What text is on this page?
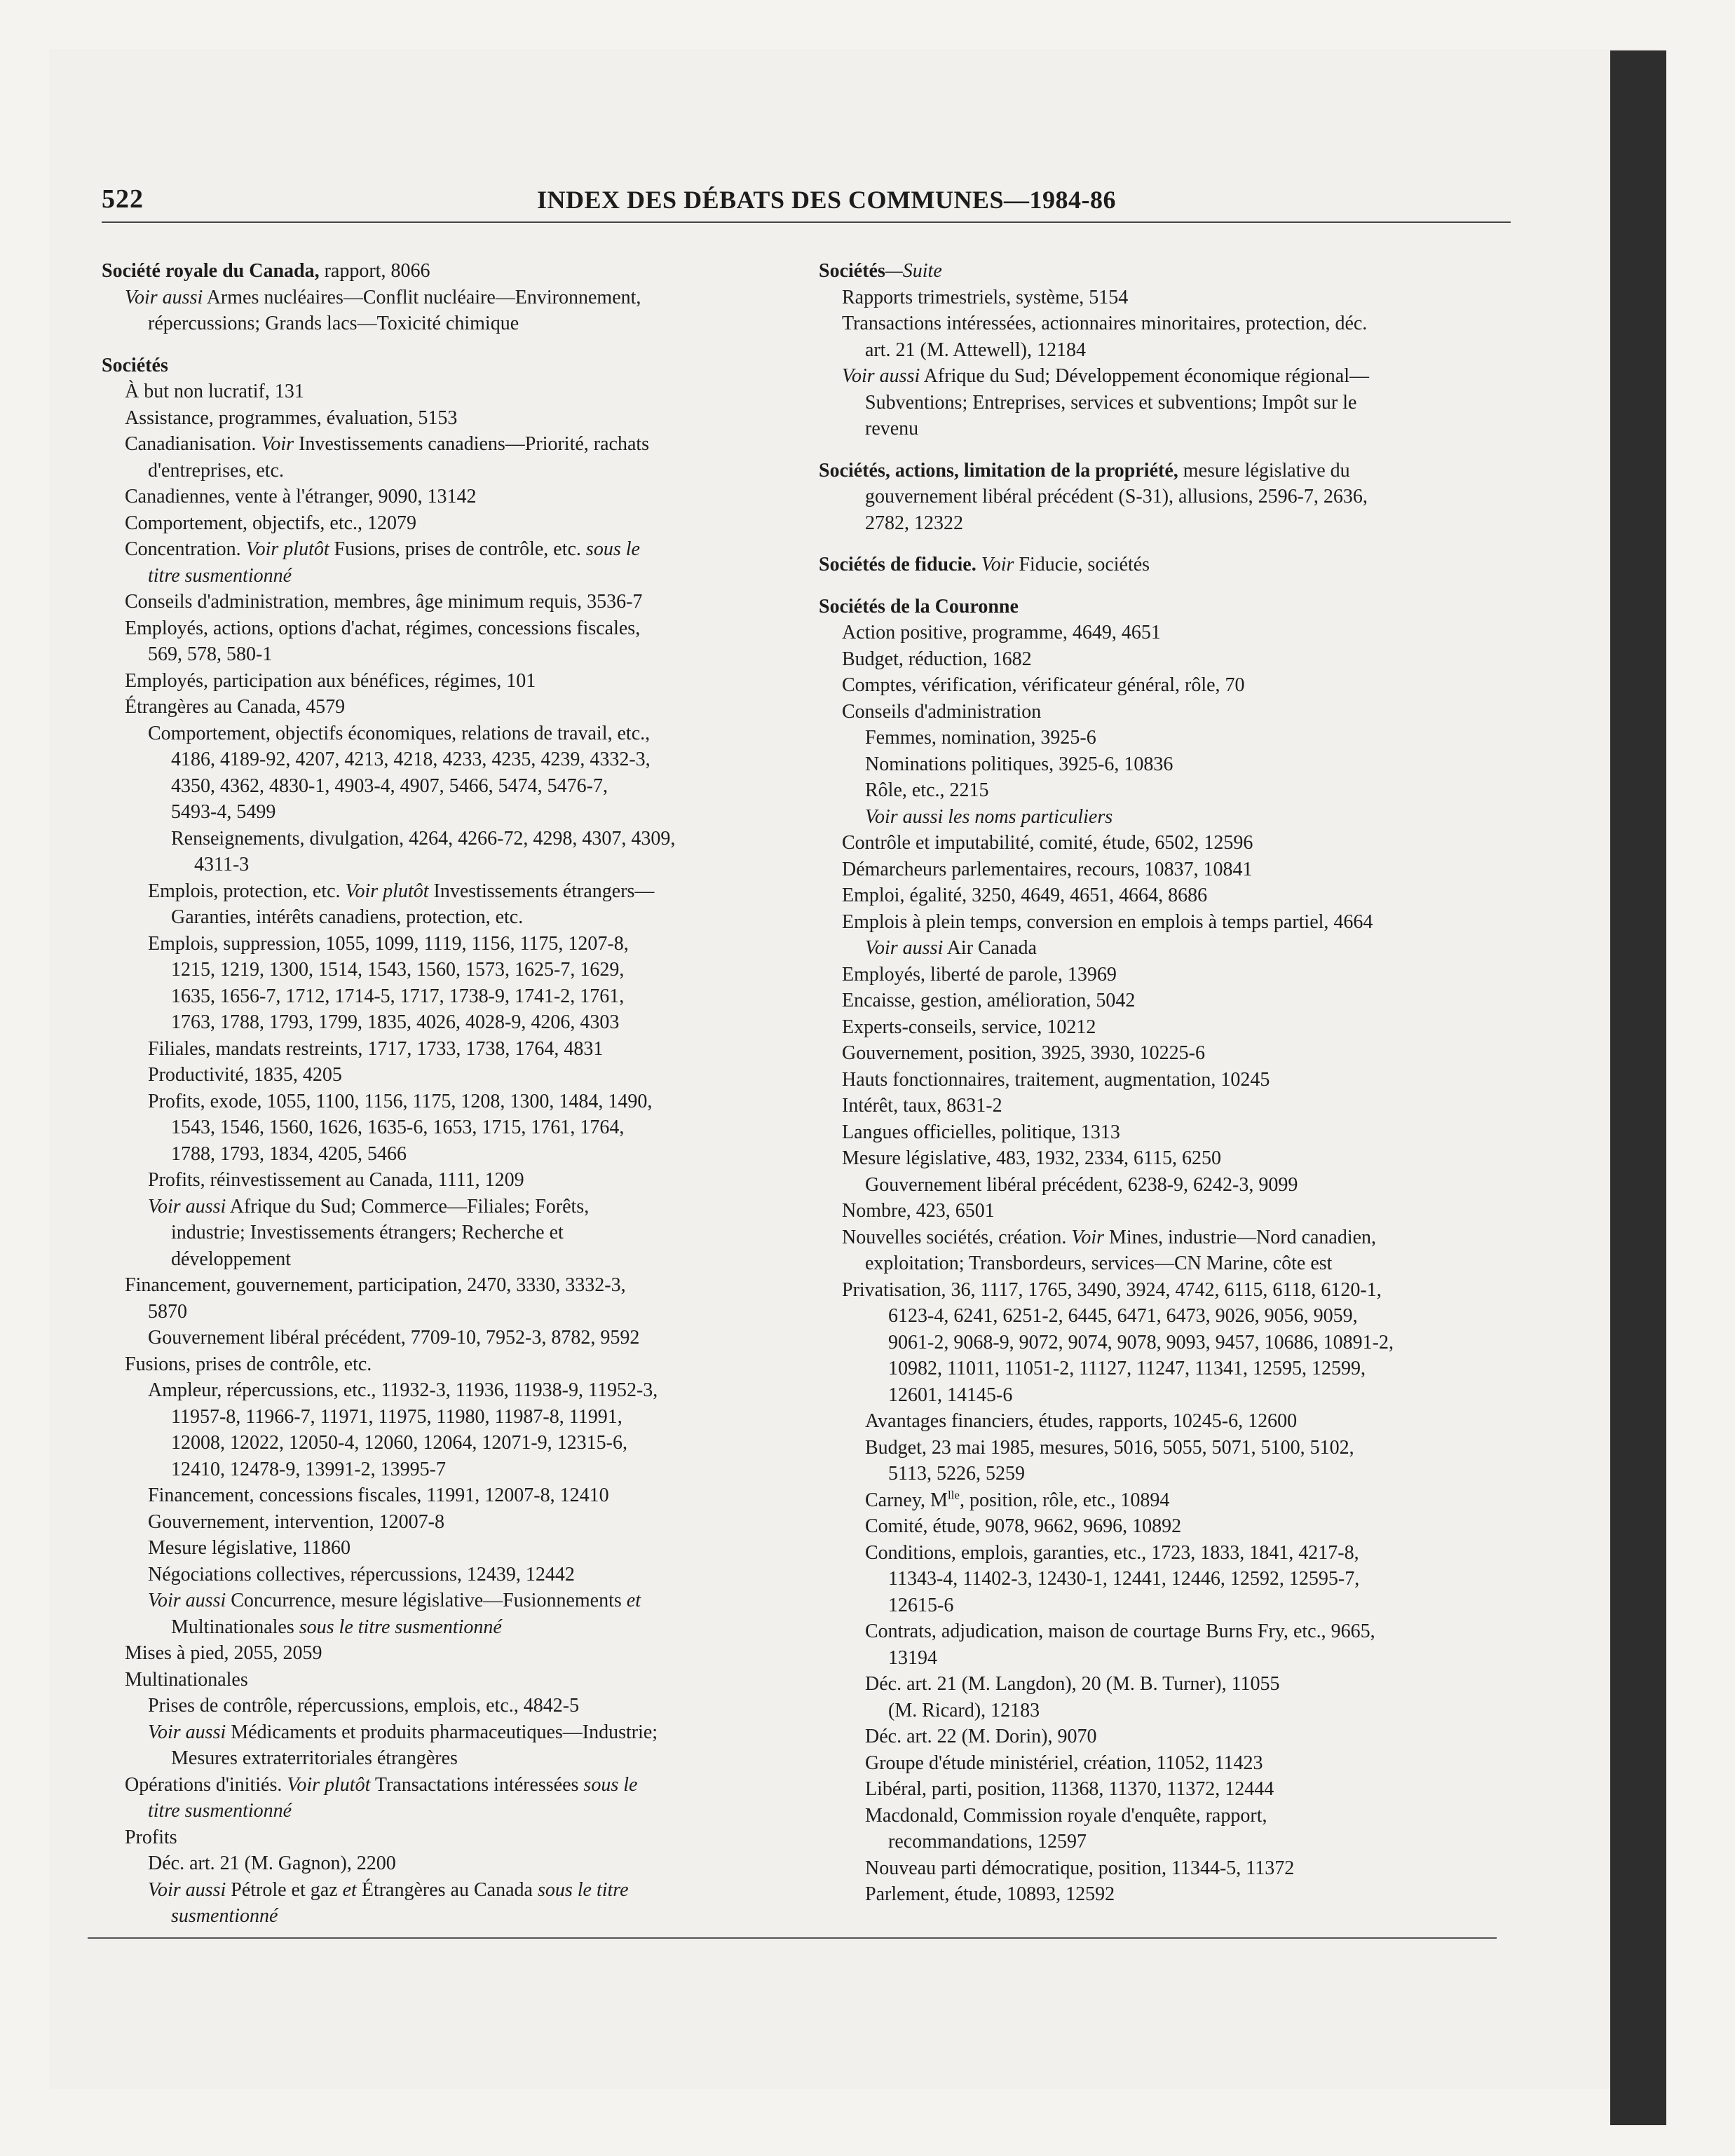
522	INDEX DES DÉBATS DES COMMUNES—1984-86
Société royale du Canada, rapport, 8066
Voir aussi Armes nucléaires—Conflit nucléaire—Environnement,
répercussions; Grands lacs—Toxicité chimique
Sociétés
À but non lucratif, 131
Assistance, programmes, évaluation, 5153
Canadianisation. Voir Investissements canadiens—Priorité, rachats
d'entreprises, etc.
Canadiennes, vente à l'étranger, 9090, 13142
Comportement, objectifs, etc., 12079
Concentration. Voir plutôt Fusions, prises de contrôle, etc. sous le
titre susmentionné
Conseils d'administration, membres, âge minimum requis, 3536-7
Employés, actions, options d'achat, régimes, concessions fiscales,
569, 578, 580-1
Employés, participation aux bénéfices, régimes, 101
Étrangères au Canada, 4579
Comportement, objectifs économiques, relations de travail, etc.,
4186, 4189-92, 4207, 4213, 4218, 4233, 4235, 4239, 4332-3,
4350, 4362, 4830-1, 4903-4, 4907, 5466, 5474, 5476-7,
5493-4, 5499
Renseignements, divulgation, 4264, 4266-72, 4298, 4307, 4309,
4311-3
Emplois, protection, etc. Voir plutôt Investissements étrangers—
Garanties, intérêts canadiens, protection, etc.
Emplois, suppression, 1055, 1099, 1119, 1156, 1175, 1207-8,
1215, 1219, 1300, 1514, 1543, 1560, 1573, 1625-7, 1629,
1635, 1656-7, 1712, 1714-5, 1717, 1738-9, 1741-2, 1761,
1763, 1788, 1793, 1799, 1835, 4026, 4028-9, 4206, 4303
Filiales, mandats restreints, 1717, 1733, 1738, 1764, 4831
Productivité, 1835, 4205
Profits, exode, 1055, 1100, 1156, 1175, 1208, 1300, 1484, 1490,
1543, 1546, 1560, 1626, 1635-6, 1653, 1715, 1761, 1764,
1788, 1793, 1834, 4205, 5466
Profits, réinvestissement au Canada, 1111, 1209
Voir aussi Afrique du Sud; Commerce—Filiales; Forêts,
industrie; Investissements étrangers; Recherche et
développement
Financement, gouvernement, participation, 2470, 3330, 3332-3,
5870
Gouvernement libéral précédent, 7709-10, 7952-3, 8782, 9592
Fusions, prises de contrôle, etc.
Ampleur, répercussions, etc., 11932-3, 11936, 11938-9, 11952-3,
11957-8, 11966-7, 11971, 11975, 11980, 11987-8, 11991,
12008, 12022, 12050-4, 12060, 12064, 12071-9, 12315-6,
12410, 12478-9, 13991-2, 13995-7
Financement, concessions fiscales, 11991, 12007-8, 12410
Gouvernement, intervention, 12007-8
Mesure législative, 11860
Négociations collectives, répercussions, 12439, 12442
Voir aussi Concurrence, mesure législative—Fusionnements et
Multinationales sous le titre susmentionné
Mises à pied, 2055, 2059
Multinationales
Prises de contrôle, répercussions, emplois, etc., 4842-5
Voir aussi Médicaments et produits pharmaceutiques—Industrie;
Mesures extraterritoriales étrangères
Opérations d'initiés. Voir plutôt Transactations intéressées sous le
titre susmentionné
Profits
Déc. art. 21 (M. Gagnon), 2200
Voir aussi Pétrole et gaz et Étrangères au Canada sous le titre
susmentionné
Sociétés—Suite
Rapports trimestriels, système, 5154
Transactions intéressées, actionnaires minoritaires, protection, déc.
art. 21 (M. Attewell), 12184
Voir aussi Afrique du Sud; Développement économique régional—
Subventions; Entreprises, services et subventions; Impôt sur le
revenu
Sociétés, actions, limitation de la propriété, mesure législative du
gouvernement libéral précédent (S-31), allusions, 2596-7, 2636,
2782, 12322
Sociétés de fiducie. Voir Fiducie, sociétés
Sociétés de la Couronne
Action positive, programme, 4649, 4651
Budget, réduction, 1682
Comptes, vérification, vérificateur général, rôle, 70
Conseils d'administration
Femmes, nomination, 3925-6
Nominations politiques, 3925-6, 10836
Rôle, etc., 2215
Voir aussi les noms particuliers
Contrôle et imputabilité, comité, étude, 6502, 12596
Démarcheurs parlementaires, recours, 10837, 10841
Emploi, égalité, 3250, 4649, 4651, 4664, 8686
Emplois à plein temps, conversion en emplois à temps partiel, 4664
Voir aussi Air Canada
Employés, liberté de parole, 13969
Encaisse, gestion, amélioration, 5042
Experts-conseils, service, 10212
Gouvernement, position, 3925, 3930, 10225-6
Hauts fonctionnaires, traitement, augmentation, 10245
Intérêt, taux, 8631-2
Langues officielles, politique, 1313
Mesure législative, 483, 1932, 2334, 6115, 6250
Gouvernement libéral précédent, 6238-9, 6242-3, 9099
Nombre, 423, 6501
Nouvelles sociétés, création. Voir Mines, industrie—Nord canadien,
exploitation; Transbordeurs, services—CN Marine, côte est
Privatisation, 36, 1117, 1765, 3490, 3924, 4742, 6115, 6118, 6120-1,
6123-4, 6241, 6251-2, 6445, 6471, 6473, 9026, 9056, 9059,
9061-2, 9068-9, 9072, 9074, 9078, 9093, 9457, 10686, 10891-2,
10982, 11011, 11051-2, 11127, 11247, 11341, 12595, 12599,
12601, 14145-6
Avantages financiers, études, rapports, 10245-6, 12600
Budget, 23 mai 1985, mesures, 5016, 5055, 5071, 5100, 5102,
5113, 5226, 5259
Carney, $M^{lle}$, position, rôle, etc., 10894
Comité, étude, 9078, 9662, 9696, 10892
Conditions, emplois, garanties, etc., 1723, 1833, 1841, 4217-8,
11343-4, 11402-3, 12430-1, 12441, 12446, 12592, 12595-7,
12615-6
Contrats, adjudication, maison de courtage Burns Fry, etc., 9665,
13194
Déc. art. 21 (M. Langdon), 20 (M. B. Turner), 11055
(M. Ricard), 12183
Déc. art. 22 (M. Dorin), 9070
Groupe d'étude ministériel, création, 11052, 11423
Libéral, parti, position, 11368, 11370, 11372, 12444
Macdonald, Commission royale d'enquête, rapport,
recommandations, 12597
Nouveau parti démocratique, position, 11344-5, 11372
Parlement, étude, 10893, 12592
